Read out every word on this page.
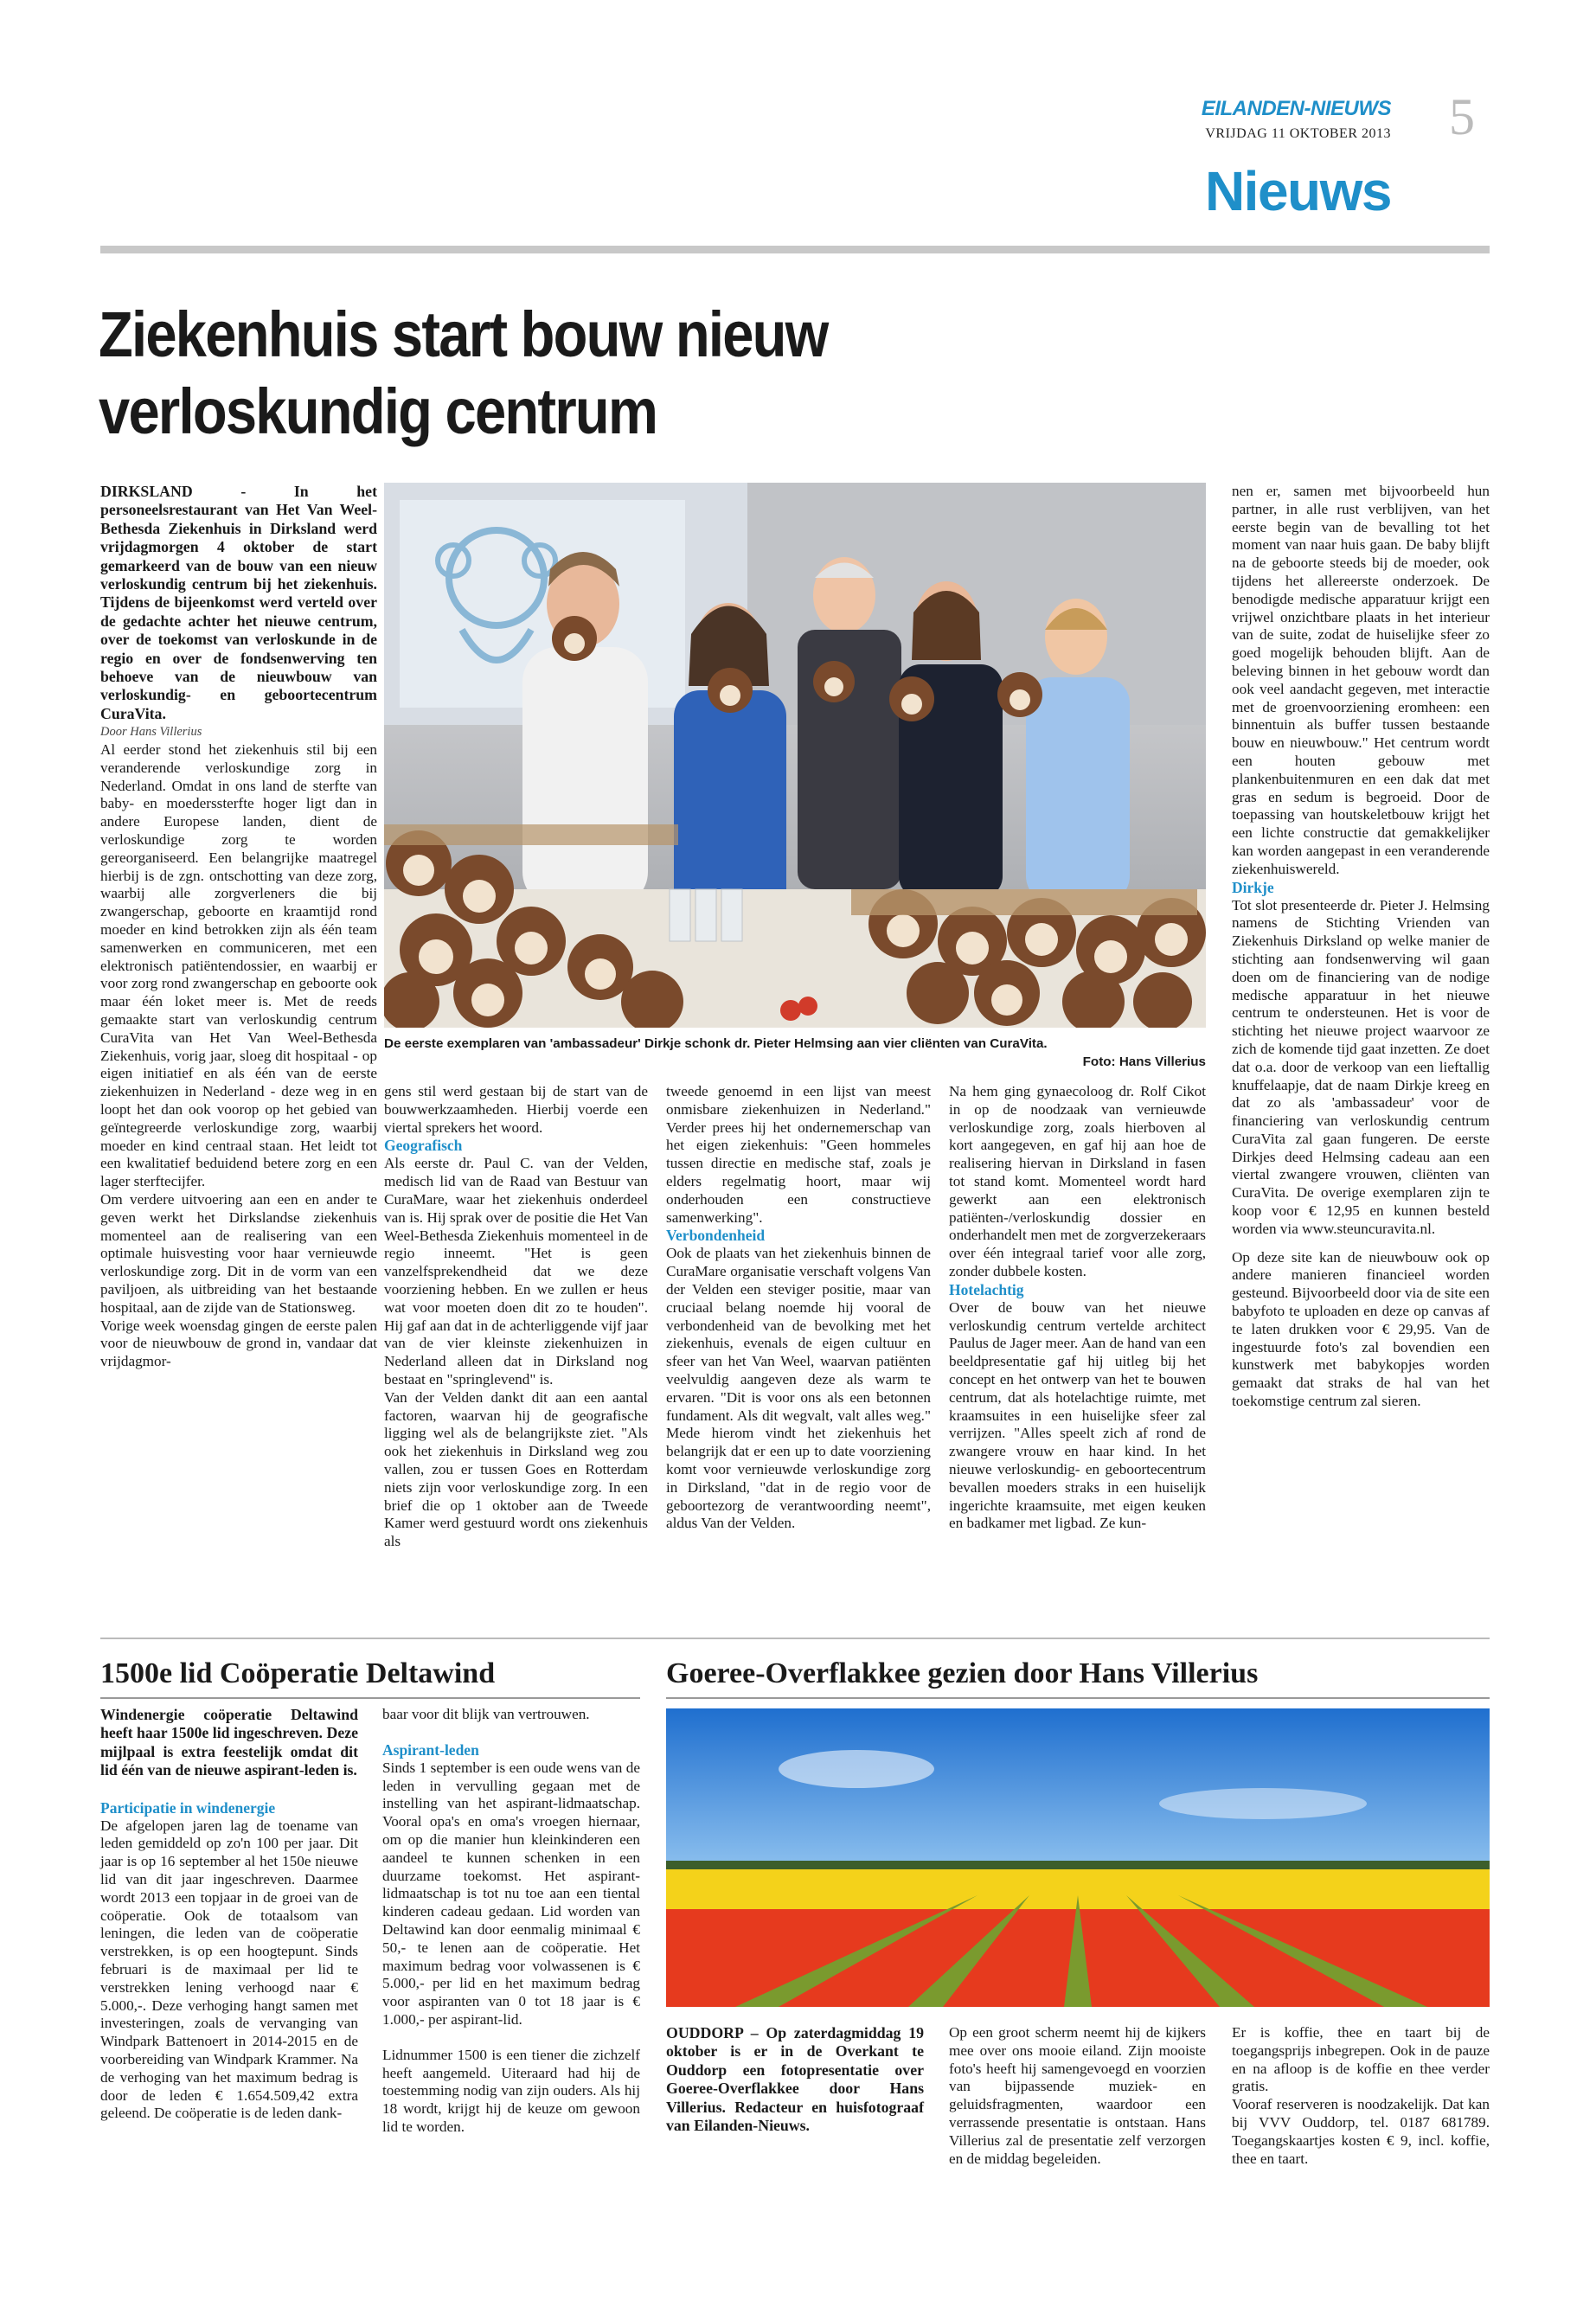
EILANDEN-NIEUWS
VRIJDAG 11 OKTOBER 2013 5
Nieuws
Ziekenhuis start bouw nieuw
verloskundig centrum

DIRKSLAND - In het personeelsrestaurant van Het Van Weel-Bethesda Ziekenhuis in Dirksland werd vrijdagmorgen 4 oktober de start gemarkeerd van de bouw van een nieuw verloskundig centrum bij het ziekenhuis. Tijdens de bijeenkomst werd verteld over de gedachte achter het nieuwe centrum, over de toekomst van verloskunde in de regio en over de fondsenwerving ten behoeve van de nieuwbouw van verloskundig- en geboortecentrum CuraVita.

Door Hans Villerius

Al eerder stond het ziekenhuis stil bij een veranderende verloskundige zorg in Nederland. Omdat in ons land de sterfte van baby- en moederssterfte hoger ligt dan in andere Europese landen, dient de verloskundige zorg te worden gereorganiseerd. Een belangrijke maatregel hierbij is de zgn. ontschotting van deze zorg, waarbij alle zorgverleners die bij zwangerschap, geboorte en kraamtijd rond moeder en kind betrokken zijn als één team samenwerken en communiceren, met een elektronisch patiëntendossier, en waarbij er voor zorg rond zwangerschap en geboorte ook maar één loket meer is. Met de reeds gemaakte start van verloskundig centrum CuraVita van Het Van Weel-Bethesda Ziekenhuis, vorig jaar, sloeg dit hospitaal - op eigen initiatief en als één van de eerste ziekenhuizen in Nederland - deze weg in en loopt het dan ook voorop op het gebied van geïntegreerde verloskundige zorg, waarbij moeder en kind centraal staan. Het leidt tot een kwalitatief beduidend betere zorg en een lager sterftecijfer.

Om verdere uitvoering aan een en ander te geven werkt het Dirkslandse ziekenhuis momenteel aan de realisering van een optimale huisvesting voor haar vernieuwde verloskundige zorg. Dit in de vorm van een paviljoen, als uitbreiding van het bestaande hospitaal, aan de zijde van de Stationsweg.

Vorige week woensdag gingen de eerste palen voor de nieuwbouw de grond in, vandaar dat vrijdagmor-

De eerste exemplaren van 'ambassadeur' Dirkje schonk dr. Pieter Helmsing aan vier cliënten van CuraVita.
Foto: Hans Villerius

gens stil werd gestaan bij de start van de bouwwerkzaamheden. Hierbij voerde een viertal sprekers het woord.

Geografisch

Als eerste dr. Paul C. van der Velden, medisch lid van de Raad van Bestuur van CuraMare, waar het ziekenhuis onderdeel van is. Hij sprak over de positie die Het Van Weel-Bethesda Ziekenhuis momenteel in de regio inneemt. "Het is geen vanzelfsprekendheid dat we deze voorziening hebben. En we zullen er heus wat voor moeten doen dit zo te houden". Hij gaf aan dat in de achterliggende vijf jaar van de vier kleinste ziekenhuizen in Nederland alleen dat in Dirksland nog bestaat en "springlevend" is.

Van der Velden dankt dit aan een aantal factoren, waarvan hij de geografische ligging wel als de belangrijkste ziet. "Als ook het ziekenhuis in Dirksland weg zou vallen, zou er tussen Goes en Rotterdam niets zijn voor verloskundige zorg. In een brief die op 1 oktober aan de Tweede Kamer werd gestuurd wordt ons ziekenhuis als

tweede genoemd in een lijst van meest onmisbare ziekenhuizen in Nederland." Verder prees hij het ondernemerschap van het eigen ziekenhuis: "Geen hommeles tussen directie en medische staf, zoals je elders regelmatig hoort, maar wij onderhouden een constructieve samenwerking".

Verbondenheid

Ook de plaats van het ziekenhuis binnen de CuraMare organisatie verschaft volgens Van der Velden een steviger positie, maar van cruciaal belang noemde hij vooral de verbondenheid van de bevolking met het ziekenhuis, evenals de eigen cultuur en sfeer van het Van Weel, waarvan patiënten veelvuldig aangeven deze als warm te ervaren. "Dit is voor ons als een betonnen fundament. Als dit wegvalt, valt alles weg." Mede hierom vindt het ziekenhuis het belangrijk dat er een up to date voorziening komt voor vernieuwde verloskundige zorg in Dirksland, "dat in de regio voor de geboortezorg de verantwoording neemt", aldus Van der Velden.

Na hem ging gynaecoloog dr. Rolf Cikot in op de noodzaak van vernieuwde verloskundige zorg, zoals hierboven al kort aangegeven, en gaf hij aan hoe de realisering hiervan in Dirksland in fasen tot stand komt. Momenteel wordt hard gewerkt aan een elektronisch patiënten-/verloskundig dossier en onderhandelt men met de zorgverzekeraars over één integraal tarief voor alle zorg, zonder dubbele kosten.

Hotelachtig

Over de bouw van het nieuwe verloskundig centrum vertelde architect Paulus de Jager meer. Aan de hand van een beeldpresentatie gaf hij uitleg bij het concept en het ontwerp van het te bouwen centrum, dat als hotelachtige ruimte, met kraamsuites in een huiselijke sfeer zal verrijzen. "Alles speelt zich af rond de zwangere vrouw en haar kind. In het nieuwe verloskundig- en geboortecentrum bevallen moeders straks in een huiselijk ingerichte kraamsuite, met eigen keuken en badkamer met ligbad. Ze kun-

nen er, samen met bijvoorbeeld hun partner, in alle rust verblijven, van het eerste begin van de bevalling tot het moment van naar huis gaan. De baby blijft na de geboorte steeds bij de moeder, ook tijdens het allereerste onderzoek. De benodigde medische apparatuur krijgt een vrijwel onzichtbare plaats in het interieur van de suite, zodat de huiselijke sfeer zo goed mogelijk behouden blijft. Aan de beleving binnen in het gebouw wordt dan ook veel aandacht gegeven, met interactie met de groenvoorziening eromheen: een binnentuin als buffer tussen bestaande bouw en nieuwbouw." Het centrum wordt een houten gebouw met plankenbuitenmuren en een dak dat met gras en sedum is begroeid. Door de toepassing van houtskeletbouw krijgt het een lichte constructie dat gemakkelijker kan worden aangepast in een veranderende ziekenhuiswereld.

Dirkje

Tot slot presenteerde dr. Pieter J. Helmsing namens de Stichting Vrienden van Ziekenhuis Dirksland op welke manier de stichting aan fondsenwerving wil gaan doen om de financiering van de nodige medische apparatuur in het nieuwe centrum te ondersteunen. Het is voor de stichting het nieuwe project waarvoor ze zich de komende tijd gaat inzetten. Ze doet dat o.a. door de verkoop van een lieftallig knuffelaapje, dat de naam Dirkje kreeg en dat zo als 'ambassadeur' voor de financiering van verloskundig centrum CuraVita zal gaan fungeren. De eerste Dirkjes deed Helmsing cadeau aan een viertal zwangere vrouwen, cliënten van CuraVita. De overige exemplaren zijn te koop voor € 12,95 en kunnen besteld worden via www.steuncuravita.nl.

Op deze site kan de nieuwbouw ook op andere manieren financieel worden gesteund. Bijvoorbeeld door via de site een babyfoto te uploaden en deze op canvas af te laten drukken voor € 29,95. Van de ingestuurde foto's zal bovendien een kunstwerk met babykopjes worden gemaakt dat straks de hal van het toekomstige centrum zal sieren.

1500e lid Coöperatie Deltawind

Windenergie coöperatie Deltawind heeft haar 1500e lid ingeschreven. Deze mijlpaal is extra feestelijk omdat dit lid één van de nieuwe aspirant-leden is.

Participatie in windenergie

De afgelopen jaren lag de toename van leden gemiddeld op zo'n 100 per jaar. Dit jaar is op 16 september al het 150e nieuwe lid van dit jaar ingeschreven. Daarmee wordt 2013 een topjaar in de groei van de coöperatie. Ook de totaalsom van leningen, die leden van de coöperatie verstrekken, is op een hoogtepunt. Sinds februari is de maximaal per lid te verstrekken lening verhoogd naar € 5.000,-. Deze verhoging hangt samen met investeringen, zoals de vervanging van Windpark Battenoert in 2014-2015 en de voorbereiding van Windpark Krammer. Na de verhoging van het maximum bedrag is door de leden € 1.654.509,42 extra geleend. De coöperatie is de leden dank-

baar voor dit blijk van vertrouwen.

Aspirant-leden

Sinds 1 september is een oude wens van de leden in vervulling gegaan met de instelling van het aspirant-lidmaatschap. Vooral opa's en oma's vroegen hiernaar, om op die manier hun kleinkinderen een aandeel te kunnen schenken in een duurzame toekomst. Het aspirant-lidmaatschap is tot nu toe aan een tiental kinderen cadeau gedaan. Lid worden van Deltawind kan door eenmalig minimaal € 50,- te lenen aan de coöperatie. Het maximum bedrag voor volwassenen is € 5.000,- per lid en het maximum bedrag voor aspiranten van 0 tot 18 jaar is € 1.000,- per aspirant-lid.

Lidnummer 1500 is een tiener die zichzelf heeft aangemeld. Uiteraard had hij de toestemming nodig van zijn ouders. Als hij 18 wordt, krijgt hij de keuze om gewoon lid te worden.

Goeree-Overflakkee gezien door Hans Villerius

OUDDORP – Op zaterdagmiddag 19 oktober is er in de Overkant te Ouddorp een fotopresentatie over Goeree-Overflakkee door Hans Villerius. Redacteur en huisfotograaf van Eilanden-Nieuws.

Op een groot scherm neemt hij de kijkers mee over ons mooie eiland. Zijn mooiste foto's heeft hij samengevoegd en voorzien van bijpassende muziek- en geluidsfragmenten, waardoor een verrassende presentatie is ontstaan. Hans Villerius zal de presentatie zelf verzorgen en de middag begeleiden.

Er is koffie, thee en taart bij de toegangsprijs inbegrepen. Ook in de pauze en na afloop is de koffie en thee verder gratis.

Vooraf reserveren is noodzakelijk. Dat kan bij VVV Ouddorp, tel. 0187 681789. Toegangskaartjes kosten € 9, incl. koffie, thee en taart.
